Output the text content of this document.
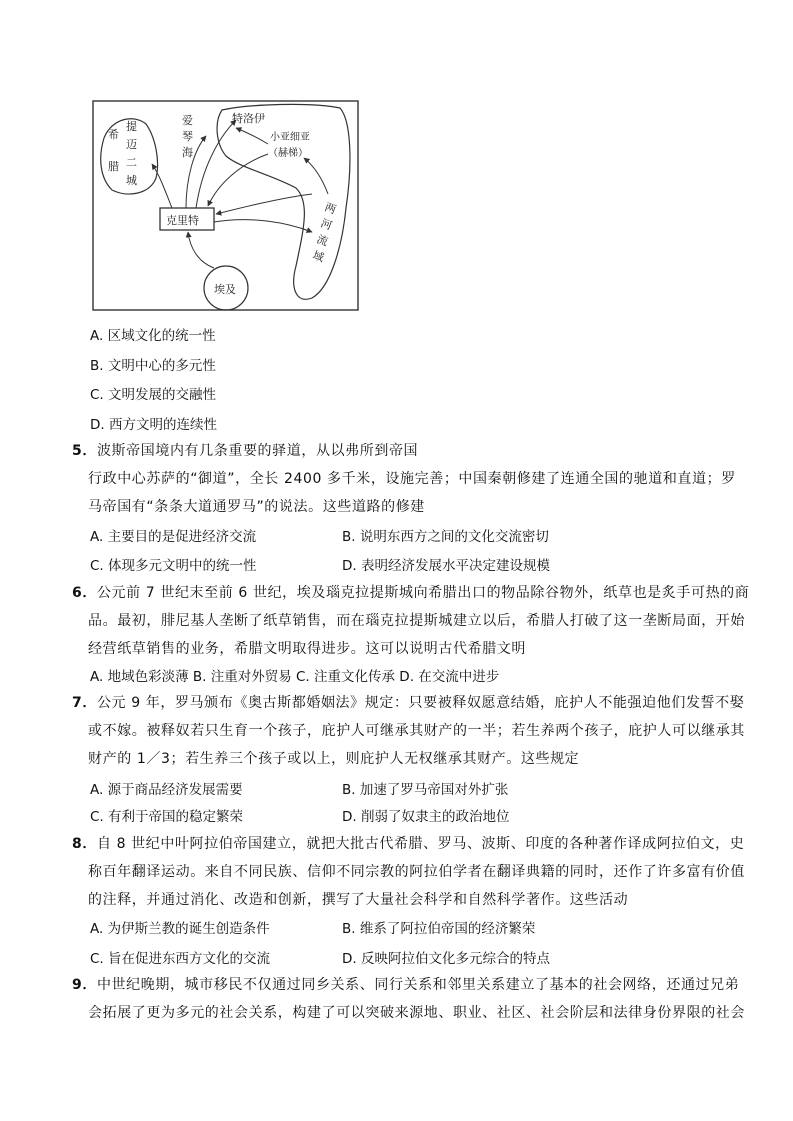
希
腊
提
迈
二
城
爱
琴
海
特洛伊
小亚细亚
（赫梯）
克里特
两
河
流
域
埃及
A. 区域文化的统一性
B. 文明中心的多元性
C. 文明发展的交融性
D. 西方文明的连续性
5．波斯帝国境内有几条重要的驿道，从以弗所到帝国
行政中心苏萨的“御道”，全长 2400 多千米，设施完善；中国秦朝修建了连通全国的驰道和直道；罗
马帝国有“条条大道通罗马”的说法。这些道路的修建
A. 主要目的是促进经济交流	B. 说明东西方之间的文化交流密切
C. 体现多元文明中的统一性	D. 表明经济发展水平决定建设规模
6．公元前 7 世纪末至前 6 世纪，埃及瑙克拉提斯城向希腊出口的物品除谷物外，纸草也是炙手可热的商
品。最初，腓尼基人垄断了纸草销售，而在瑙克拉提斯城建立以后，希腊人打破了这一垄断局面，开始
经营纸草销售的业务，希腊文明取得进步。这可以说明古代希腊文明
A. 地域色彩淡薄 B. 注重对外贸易 C. 注重文化传承 D. 在交流中进步
7．公元 9 年，罗马颁布《奥古斯都婚姻法》规定：只要被释奴愿意结婚，庇护人不能强迫他们发誓不娶
或不嫁。被释奴若只生育一个孩子，庇护人可继承其财产的一半；若生养两个孩子，庇护人可以继承其
财产的 1／3；若生养三个孩子或以上，则庇护人无权继承其财产。这些规定
A. 源于商品经济发展需要	B. 加速了罗马帝国对外扩张
C. 有利于帝国的稳定繁荣	D. 削弱了奴隶主的政治地位
8．自 8 世纪中叶阿拉伯帝国建立，就把大批古代希腊、罗马、波斯、印度的各种著作译成阿拉伯文，史
称百年翻译运动。来自不同民族、信仰不同宗教的阿拉伯学者在翻译典籍的同时，还作了许多富有价值
的注释，并通过消化、改造和创新，撰写了大量社会科学和自然科学著作。这些活动
A. 为伊斯兰教的诞生创造条件	B. 维系了阿拉伯帝国的经济繁荣
C. 旨在促进东西方文化的交流	D. 反映阿拉伯文化多元综合的特点
9．中世纪晚期，城市移民不仅通过同乡关系、同行关系和邻里关系建立了基本的社会网络，还通过兄弟
会拓展了更为多元的社会关系，构建了可以突破来源地、职业、社区、社会阶层和法律身份界限的社会
